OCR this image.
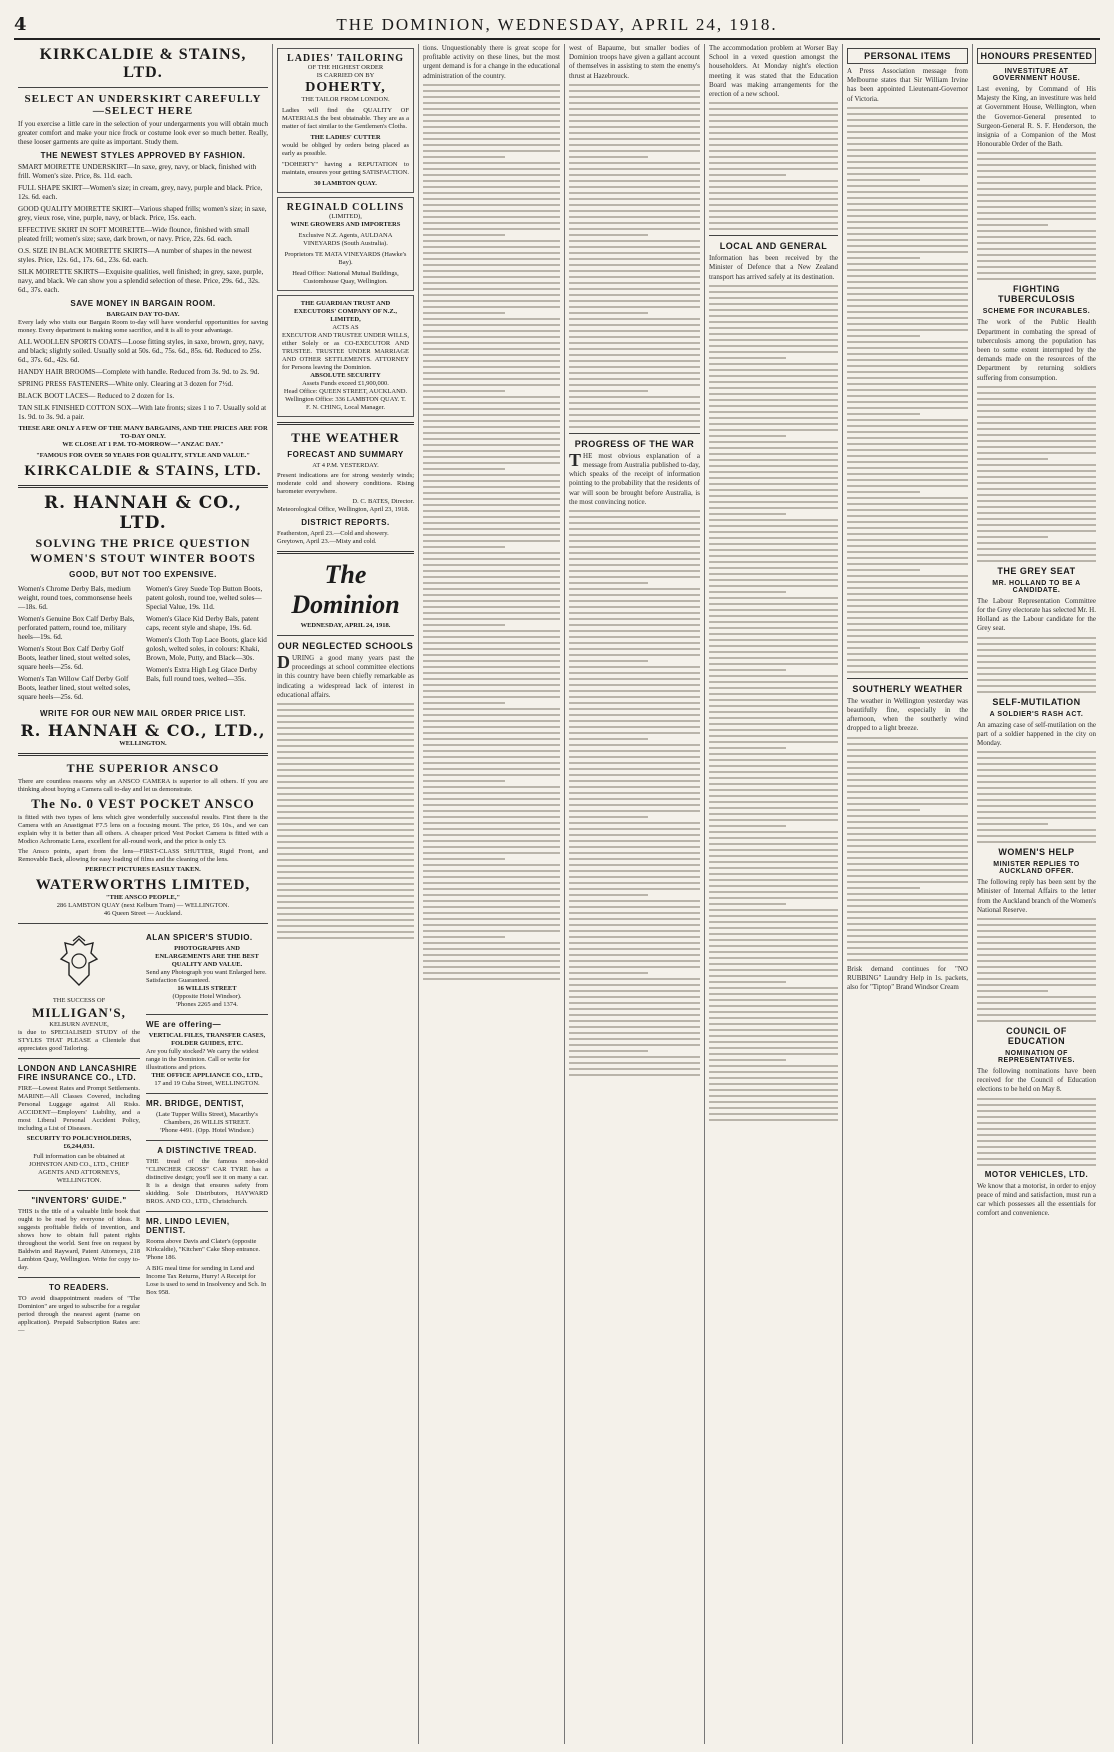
4	THE DOMINION, WEDNESDAY, APRIL 24, 1918.
KIRKCALDIE & STAINS, LTD.
SELECT AN UNDERSKIRT CAREFULLY
—SELECT HERE
If you exercise a little care in the selection of your undergarments you will obtain much greater comfort and make your nice frock or costume look ever so much better. Really, these looser garments are quite as important. Study them.
THE NEWEST STYLES APPROVED BY FASHION.
SMART MOIRETTE UNDERSKIRT—In saxe, grey, navy, or black, finished with frill. Women's size. Price, 8s. 11d. each.
FULL SHAPE SKIRT—Women's size; in cream, grey, navy, purple and black. Price, 12s. 6d. each.
GOOD QUALITY MOIRETTE SKIRT—Various shaped frills; women's size; in saxe, grey, vieux rose, vine, purple, navy, or black. Price, 15s. each.
EFFECTIVE SKIRT IN SOFT MOIRETTE—Wide flounce, finished with small pleated frill; women's size; saxe, dark brown, or navy. Price, 22s. 6d. each.
O.S. SIZE IN BLACK MOIRETTE SKIRTS—A number of shapes in the newest styles. Price, 12s. 6d., 17s. 6d., 23s. 6d. each.
SILK MOIRETTE SKIRTS—Exquisite qualities, well finished; in grey, saxe, purple, navy, and black. We can show you a splendid selection of these. Price, 29s. 6d., 32s. 6d., 37s. each.
SAVE MONEY IN BARGAIN ROOM.
BARGAIN DAY TO-DAY.
Every lady who visits our Bargain Room to-day will have wonderful opportunities for saving money. Every department is making some sacrifice, and it is all to your advantage.
ALL WOOLLEN SPORTS COATS—Loose fitting styles, in saxe, brown, grey, navy, and black; slightly soiled. Usually sold at 50s. 6d., 75s. 6d., 85s. 6d. Reduced to 25s. 6d., 37s. 6d., 42s. 6d.
HANDY HAIR BROOMS—Complete with handle. Reduced from 3s. 9d. to 2s. 9d.
SPRING PRESS FASTENERS—White only. Clearing at 3 dozen for 7½d.
BLACK BOOT LACES— Reduced to 2 dozen for 1s.
TAN SILK FINISHED COTTON SOX—With late fronts; sizes 1 to 7. Usually sold at 1s. 9d. to 3s. 9d. a pair.
THESE ARE ONLY A FEW OF THE MANY BARGAINS, AND THE PRICES ARE FOR TO-DAY ONLY.
WE CLOSE AT 1 P.M. TO-MORROW—"ANZAC DAY."
"FAMOUS FOR OVER 50 YEARS FOR QUALITY, STYLE AND VALUE."
KIRKCALDIE & STAINS, LTD.
R. HANNAH & CO., LTD.
SOLVING THE PRICE QUESTION
WOMEN'S STOUT WINTER BOOTS
GOOD, BUT NOT TOO EXPENSIVE.
Women's Chrome Derby Bals, medium weight, round toes, commonsense heels —18s. 6d.
Women's Genuine Box Calf Derby Bals, perforated pattern, round toe, military heels—19s. 6d.
Women's Stout Box Calf Derby Golf Boots, leather lined, stout welted soles, square heels—25s. 6d.
Women's Tan Willow Calf Derby Golf Boots, leather lined, stout welted soles, square heels—25s. 6d.
Women's Grey Suede Top Button Boots, patent golosh, round toe, welted soles—Special Value, 19s. 11d.
Women's Glace Kid Derby Bals, patent caps, recent style and shape, 19s. 6d.
Women's Cloth Top Lace Boots, glace kid golosh, welted soles, in colours: Khaki, Brown, Mole, Putty, and Black—30s.
Women's Extra High Leg Glace Derby Bals, full round toes, welted—35s.
WRITE FOR OUR NEW MAIL ORDER PRICE LIST.
R. HANNAH & CO., LTD.,
WELLINGTON.
THE SUPERIOR ANSCO
There are countless reasons why an ANSCO CAMERA is superior to all others. If you are thinking about buying a Camera call to-day and let us demonstrate.
The No. 0 VEST POCKET ANSCO
is fitted with two types of lens which give wonderfully successful results. First there is the Camera with an Anastigmat F7.5 lens on a focusing mount. The price, £6 10s., and we can explain why it is better than all others. A cheaper priced Vest Pocket Camera is fitted with a Modico Achromatic Lens, excellent for all-round work, and the price is only £3.
The Ansco points, apart from the lens—FIRST-CLASS SHUTTER, Rigid Front, and Removable Back, allowing for easy loading of films and the cleaning of the lens.
PERFECT PICTURES EASILY TAKEN.
WATERWORTHS LIMITED,
"THE ANSCO PEOPLE,"
286 LAMBTON QUAY (next Kelburn Tram) — WELLINGTON.
46 Queen Street — Auckland.
THE SUCCESS OF
MILLIGAN'S,
KELBURN AVENUE,
is due to SPECIALISED STUDY of the STYLES THAT PLEASE a Clientele that appreciates good Tailoring.
LONDON AND LANCASHIRE FIRE INSURANCE CO., LTD.
FIRE—Lowest Rates and Prompt Settlements. MARINE—All Classes Covered, including Personal Luggage against All Risks. ACCIDENT—Employers' Liability, and a most Liberal Personal Accident Policy, including a List of Diseases.
SECURITY TO POLICYHOLDERS, £6,244,031.
Full information can be obtained at JOHNSTON AND CO., LTD., CHIEF AGENTS AND ATTORNEYS, WELLINGTON.
"INVENTORS' GUIDE."
THIS is the title of a valuable little book that ought to be read by everyone of ideas. It suggests profitable fields of invention, and shows how to obtain full patent rights throughout the world. Sent free on request by Baldwin and Rayward, Patent Attorneys, 218 Lambton Quay, Wellington. Write for copy to-day.
TO READERS.
TO avoid disappointment readers of "The Dominion" are urged to subscribe for a regular period through the nearest agent (name on application). Prepaid Subscription Rates are:—
ALAN SPICER'S STUDIO.
PHOTOGRAPHS AND ENLARGEMENTS ARE THE BEST QUALITY AND VALUE.
Send any Photograph you want Enlarged here. Satisfaction Guaranteed.
16 WILLIS STREET
(Opposite Hotel Windsor).
'Phones 2265 and 1374.
WE are offering—
VERTICAL FILES, TRANSFER CASES, FOLDER GUIDES, ETC.
Are you fully stocked? We carry the widest range in the Dominion. Call or write for illustrations and prices.
THE OFFICE APPLIANCE CO., LTD.,
17 and 19 Cuba Street, WELLINGTON.
MR. BRIDGE, DENTIST,
(Late Tupper Willis Street), Macarthy's Chambers, 26 WILLIS STREET.
'Phone 4491. (Opp. Hotel Windsor.)
A DISTINCTIVE TREAD.
THE tread of the famous non-skid "CLINCHER CROSS" CAR TYRE has a distinctive design; you'll see it on many a car. It is a design that ensures safety from skidding. Sole Distributors, HAYWARD BROS. AND CO., LTD., Christchurch.
MR. LINDO LEVIEN, DENTIST.
Rooms above Davis and Clater's (opposite Kirkcaldie), "Kitchen" Cake Shop entrance. 'Phone 186.
A BIG meal time for sending in Lend and Income Tax Returns, Hurry! A Receipt for Lose is used to send in Insolvency and Sch. In Box 958.
LADIES' TAILORING
OF THE HIGHEST ORDER
IS CARRIED ON BY
DOHERTY,
THE TAILOR FROM LONDON.
Ladies will find the QUALITY OF MATERIALS the best obtainable. They are as a matter of fact similar to the Gentlemen's Cloths.
THE LADIES' CUTTER
would be obliged by orders being placed as early as possible.
"DOHERTY" having a REPUTATION to maintain, ensures your getting SATISFACTION.
30 LAMBTON QUAY.
REGINALD COLLINS
(LIMITED),
WINE GROWERS AND IMPORTERS
Exclusive N.Z. Agents, AULDANA VINEYARDS (South Australia).
Proprietors TE MATA VINEYARDS (Hawke's Bay).
Head Office: National Mutual Buildings, Customhouse Quay, Wellington.
THE GUARDIAN TRUST AND EXECUTORS' COMPANY OF N.Z., LIMITED,
ACTS AS
EXECUTOR AND TRUSTEE UNDER WILLS, either Solely or as CO-EXECUTOR AND TRUSTEE. TRUSTEE UNDER MARRIAGE AND OTHER SETTLEMENTS. ATTORNEY for Persons leaving the Dominion.
ABSOLUTE SECURITY
Assets Funds exceed £1,900,000.
Head Office: QUEEN STREET, AUCKLAND. Wellington Office: 336 LAMBTON QUAY. T. F. N. CHING, Local Manager.
THE WEATHER
FORECAST AND SUMMARY
AT 4 P.M. YESTERDAY.
Present indications are for strong westerly winds; moderate cold and showery conditions. Rising barometer everywhere.
D. C. BATES, Director.
Meteorological Office, Wellington, April 23, 1918.
DISTRICT REPORTS.
Featherston, April 23.—Cold and showery. Greytown, April 23.—Misty and cold.
The Dominion
WEDNESDAY, APRIL 24, 1918.
OUR NEGLECTED SCHOOLS
DURING a good many years past the proceedings at school committee elections in this country have been chiefly remarkable as indicating a widespread lack of interest in educational affairs.
tions. Unquestionably there is great scope for profitable activity on these lines, but the most urgent demand is for a change in the educational administration of the country.
west of Bapaume, but smaller bodies of Dominion troops have given a gallant account of themselves in assisting to stem the enemy's thrust at Hazebrouck.
PROGRESS OF THE WAR
THE most obvious explanation of a message from Australia published to-day, which speaks of the receipt of information pointing to the probability that the residents of war will soon be brought before Australia, is the most convincing notice.
The accommodation problem at Worser Bay School in a vexed question amongst the householders. At Monday night's election meeting it was stated that the Education Board was making arrangements for the erection of a new school.
LOCAL AND GENERAL
Information has been received by the Minister of Defence that a New Zealand transport has arrived safely at its destination.
PERSONAL ITEMS
A Press Association message from Melbourne states that Sir William Irvine has been appointed Lieutenant-Governor of Victoria.
SOUTHERLY WEATHER
The weather in Wellington yesterday was beautifully fine, especially in the afternoon, when the southerly wind dropped to a light breeze.
Brisk demand continues for "NO RUBBING" Laundry Help in 1s. packets, also for "Tiptop" Brand Windsor Cream
HONOURS PRESENTED
INVESTITURE AT GOVERNMENT HOUSE.
Last evening, by Command of His Majesty the King, an investiture was held at Government House, Wellington, when the Governor-General presented to Surgeon-General R. S. F. Henderson, the insignia of a Companion of the Most Honourable Order of the Bath.
FIGHTING TUBERCULOSIS
SCHEME FOR INCURABLES.
The work of the Public Health Department in combating the spread of tuberculosis among the population has been to some extent interrupted by the demands made on the resources of the Department by returning soldiers suffering from consumption.
THE GREY SEAT
MR. HOLLAND TO BE A CANDIDATE.
The Labour Representation Committee for the Grey electorate has selected Mr. H. Holland as the Labour candidate for the Grey seat.
SELF-MUTILATION
A SOLDIER'S RASH ACT.
An amazing case of self-mutilation on the part of a soldier happened in the city on Monday.
WOMEN'S HELP
MINISTER REPLIES TO AUCKLAND OFFER.
The following reply has been sent by the Minister of Internal Affairs to the letter from the Auckland branch of the Women's National Reserve.
COUNCIL OF EDUCATION
NOMINATION OF REPRESENTATIVES.
The following nominations have been received for the Council of Education elections to be held on May 8.
MOTOR VEHICLES, LTD.
We know that a motorist, in order to enjoy peace of mind and satisfaction, must run a car which possesses all the essentials for comfort and convenience.
